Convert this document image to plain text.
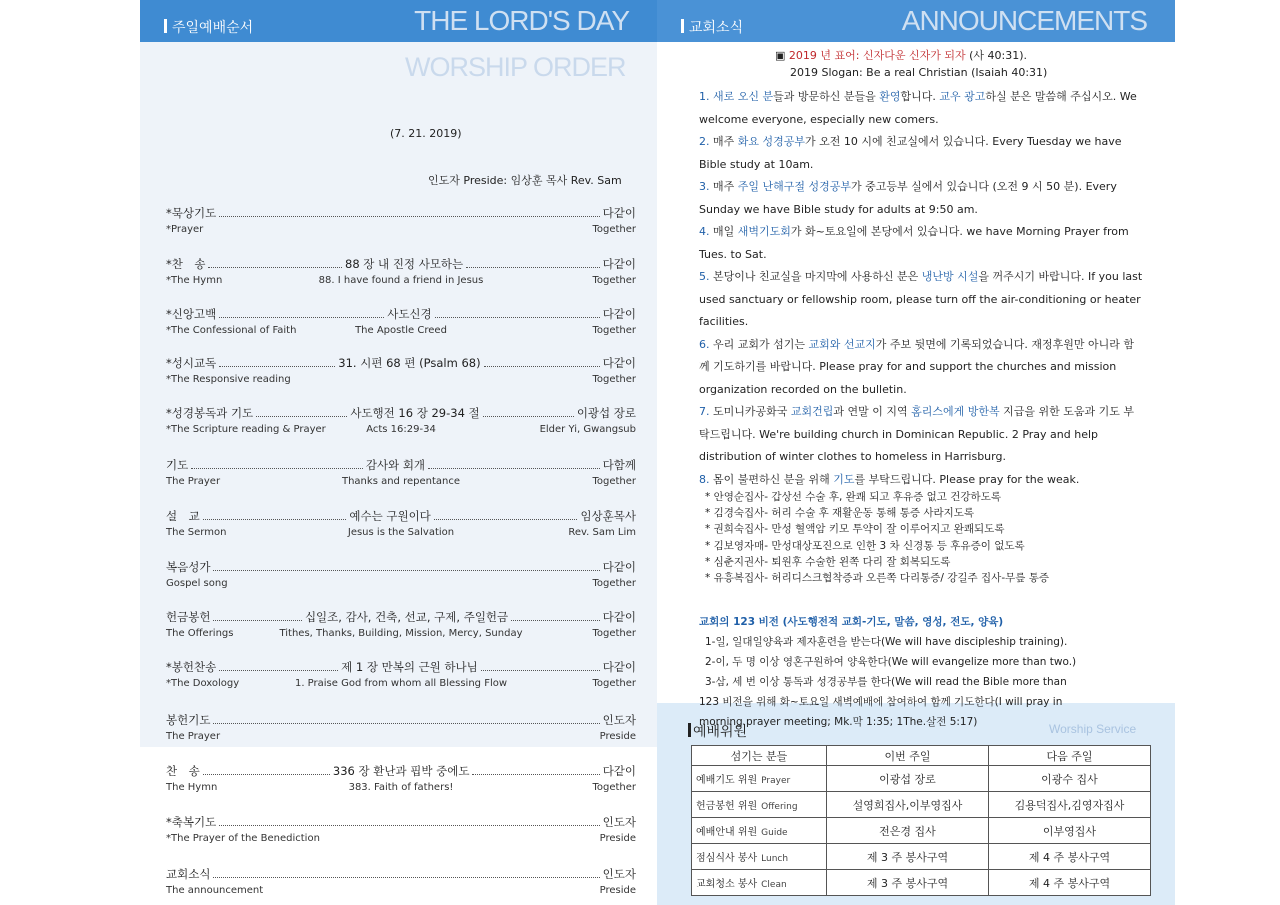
주일예배순서	THE LORD'S DAY
WORSHIP ORDER
교회소식	ANNOUNCEMENTS
(7. 21. 2019)
인도자 Preside: 임상훈 목사 Rev. Sam
*묵상기도	다같이
*Prayer	Together
*찬　송	88 장 내 진정 사모하는	다같이
*The Hymn	88. I have found a friend in Jesus	Together
*신앙고백	사도신경	다같이
*The Confessional of Faith	The Apostle Creed	Together
*성시교독	31. 시편 68 편 (Psalm 68)	다같이
*The Responsive reading	Together
*성경봉독과 기도	사도행전 16 장 29-34 절	이광섭 장로
*The Scripture reading & Prayer	Acts 16:29-34	Elder Yi, Gwangsub
기도	감사와 회개	다함께
The Prayer	Thanks and repentance	Together
설　교	예수는 구원이다	임상훈목사
The Sermon	Jesus is the Salvation	Rev. Sam Lim
복음성가	다같이
Gospel song	Together
헌금봉헌	십일조, 감사, 건축, 선교, 구제, 주일헌금	다같이
The Offerings	Tithes, Thanks, Building, Mission, Mercy, Sunday	Together
*봉헌찬송	제 1 장 만복의 근원 하나님	다같이
*The Doxology	1. Praise God from whom all Blessing Flow	Together
봉헌기도	인도자
The Prayer	Preside
찬　송	336 장 환난과 핍박 중에도	다같이
The Hymn	383. Faith of fathers!	Together
*축복기도	인도자
*The Prayer of the Benediction	Preside
교회소식	인도자
The announcement	Preside
▣ 2019 년 표어: 신자다운 신자가 되자 (사 40:31).
2019 Slogan: Be a real Christian (Isaiah 40:31)
1. 새로 오신 분들과 방문하신 분들을 환영합니다. 교우 광고하실 분은 말씀해 주십시오. We welcome everyone, especially new comers.
2. 매주 화요 성경공부가 오전 10 시에 친교실에서 있습니다. Every Tuesday we have Bible study at 10am.
3. 매주 주일 난해구절 성경공부가 중고등부 실에서 있습니다 (오전 9 시 50 분). Every Sunday we have Bible study for adults at 9:50 am.
4. 매일 새벽기도회가 화~토요일에 본당에서 있습니다. we have Morning Prayer from Tues. to Sat.
5. 본당이나 친교실을 마지막에 사용하신 분은 냉난방 시설을 꺼주시기 바랍니다. If you last used sanctuary or fellowship room, please turn off the air-conditioning or heater facilities.
6. 우리 교회가 섬기는 교회와 선교지가 주보 뒷면에 기록되었습니다. 재정후원만 아니라 함께 기도하기를 바랍니다. Please pray for and support the churches and mission organization recorded on the bulletin.
7. 도미니카공화국 교회건립과 연말 이 지역 홈리스에게 방한복 지급을 위한 도움과 기도 부탁드립니다. We're building church in Dominican Republic. 2 Pray and help distribution of winter clothes to homeless in Harrisburg.
8. 몸이 불편하신 분을 위해 기도를 부탁드립니다. Please pray for the weak.
* 안영순집사- 갑상선 수술 후, 완쾌 되고 후유증 없고 건강하도록
* 김경숙집사- 허리 수술 후 재활운동 통해 통증 사라지도록
* 권희숙집사- 만성 혈액암 키모 투약이 잘 이루어지고 완쾌되도록
* 김보영자매- 만성대상포진으로 인한 3 차 신경통 등 후유증이 없도록
* 심춘지권사- 퇴원후 수술한 왼쪽 다리 잘 회복되도록
* 유흥복집사- 허리디스크협착증과 오른쪽 다리통증/ 강길주 집사-무릎 통증
교회의 123 비전 (사도행전적 교회-기도, 말씀, 영성, 전도, 양육)
1-일, 일대일양육과 제자훈련을 받는다(We will have discipleship training).
2-이, 두 명 이상 영혼구원하여 양육한다(We will evangelize more than two.)
3-삼, 세 번 이상 통독과 성경공부를 한다(We will read the Bible more than
123 비전을 위해 화~토요일 새벽예배에 참여하여 함께 기도한다(I will pray in
morning prayer meeting; Mk.막 1:35; 1The.살전 5:17)
예배위원	Worship Service
섬기는 분들	이번 주일	다음 주일
예배기도 위원 Prayer	이광섭 장로	이광수 집사
헌금봉헌 위원 Offering	설영희집사,이부영집사	김용덕집사,김영자집사
예배안내 위원 Guide	전은경 집사	이부영집사
점심식사 봉사 Lunch	제 3 주 봉사구역	제 4 주 봉사구역
교회청소 봉사 Clean	제 3 주 봉사구역	제 4 주 봉사구역
